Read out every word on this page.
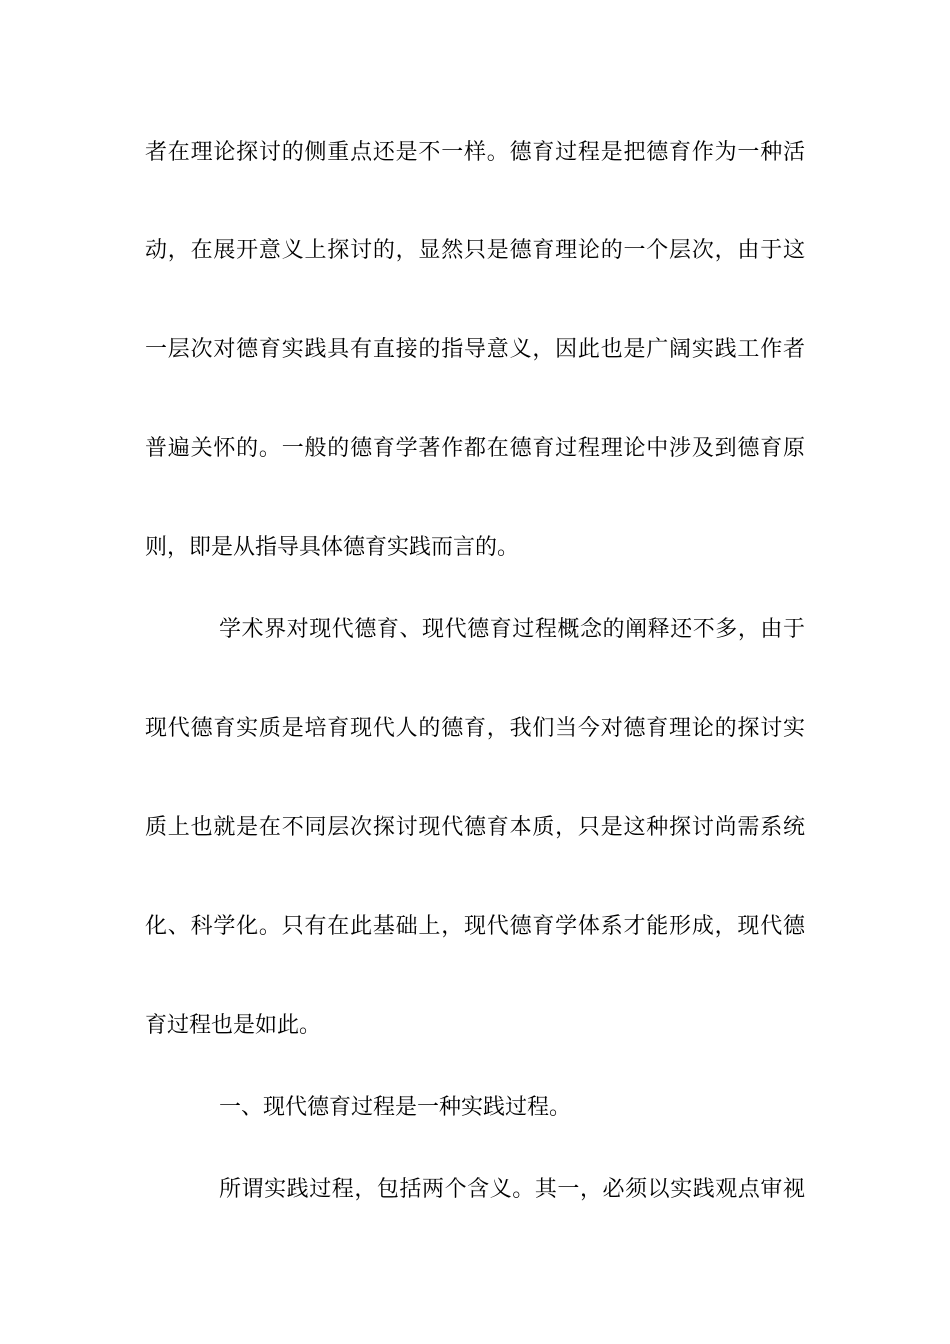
者在理论探讨的侧重点还是不一样。德育过程是把德育作为一种活
动，在展开意义上探讨的，显然只是德育理论的一个层次，由于这
一层次对德育实践具有直接的指导意义，因此也是广阔实践工作者
普遍关怀的。一般的德育学著作都在德育过程理论中涉及到德育原
则，即是从指导具体德育实践而言的。
学术界对现代德育、现代德育过程概念的阐释还不多，由于
现代德育实质是培育现代人的德育，我们当今对德育理论的探讨实
质上也就是在不同层次探讨现代德育本质，只是这种探讨尚需系统
化、科学化。只有在此基础上，现代德育学体系才能形成，现代德
育过程也是如此。
一、现代德育过程是一种实践过程。
所谓实践过程，包括两个含义。其一，必须以实践观点审视
